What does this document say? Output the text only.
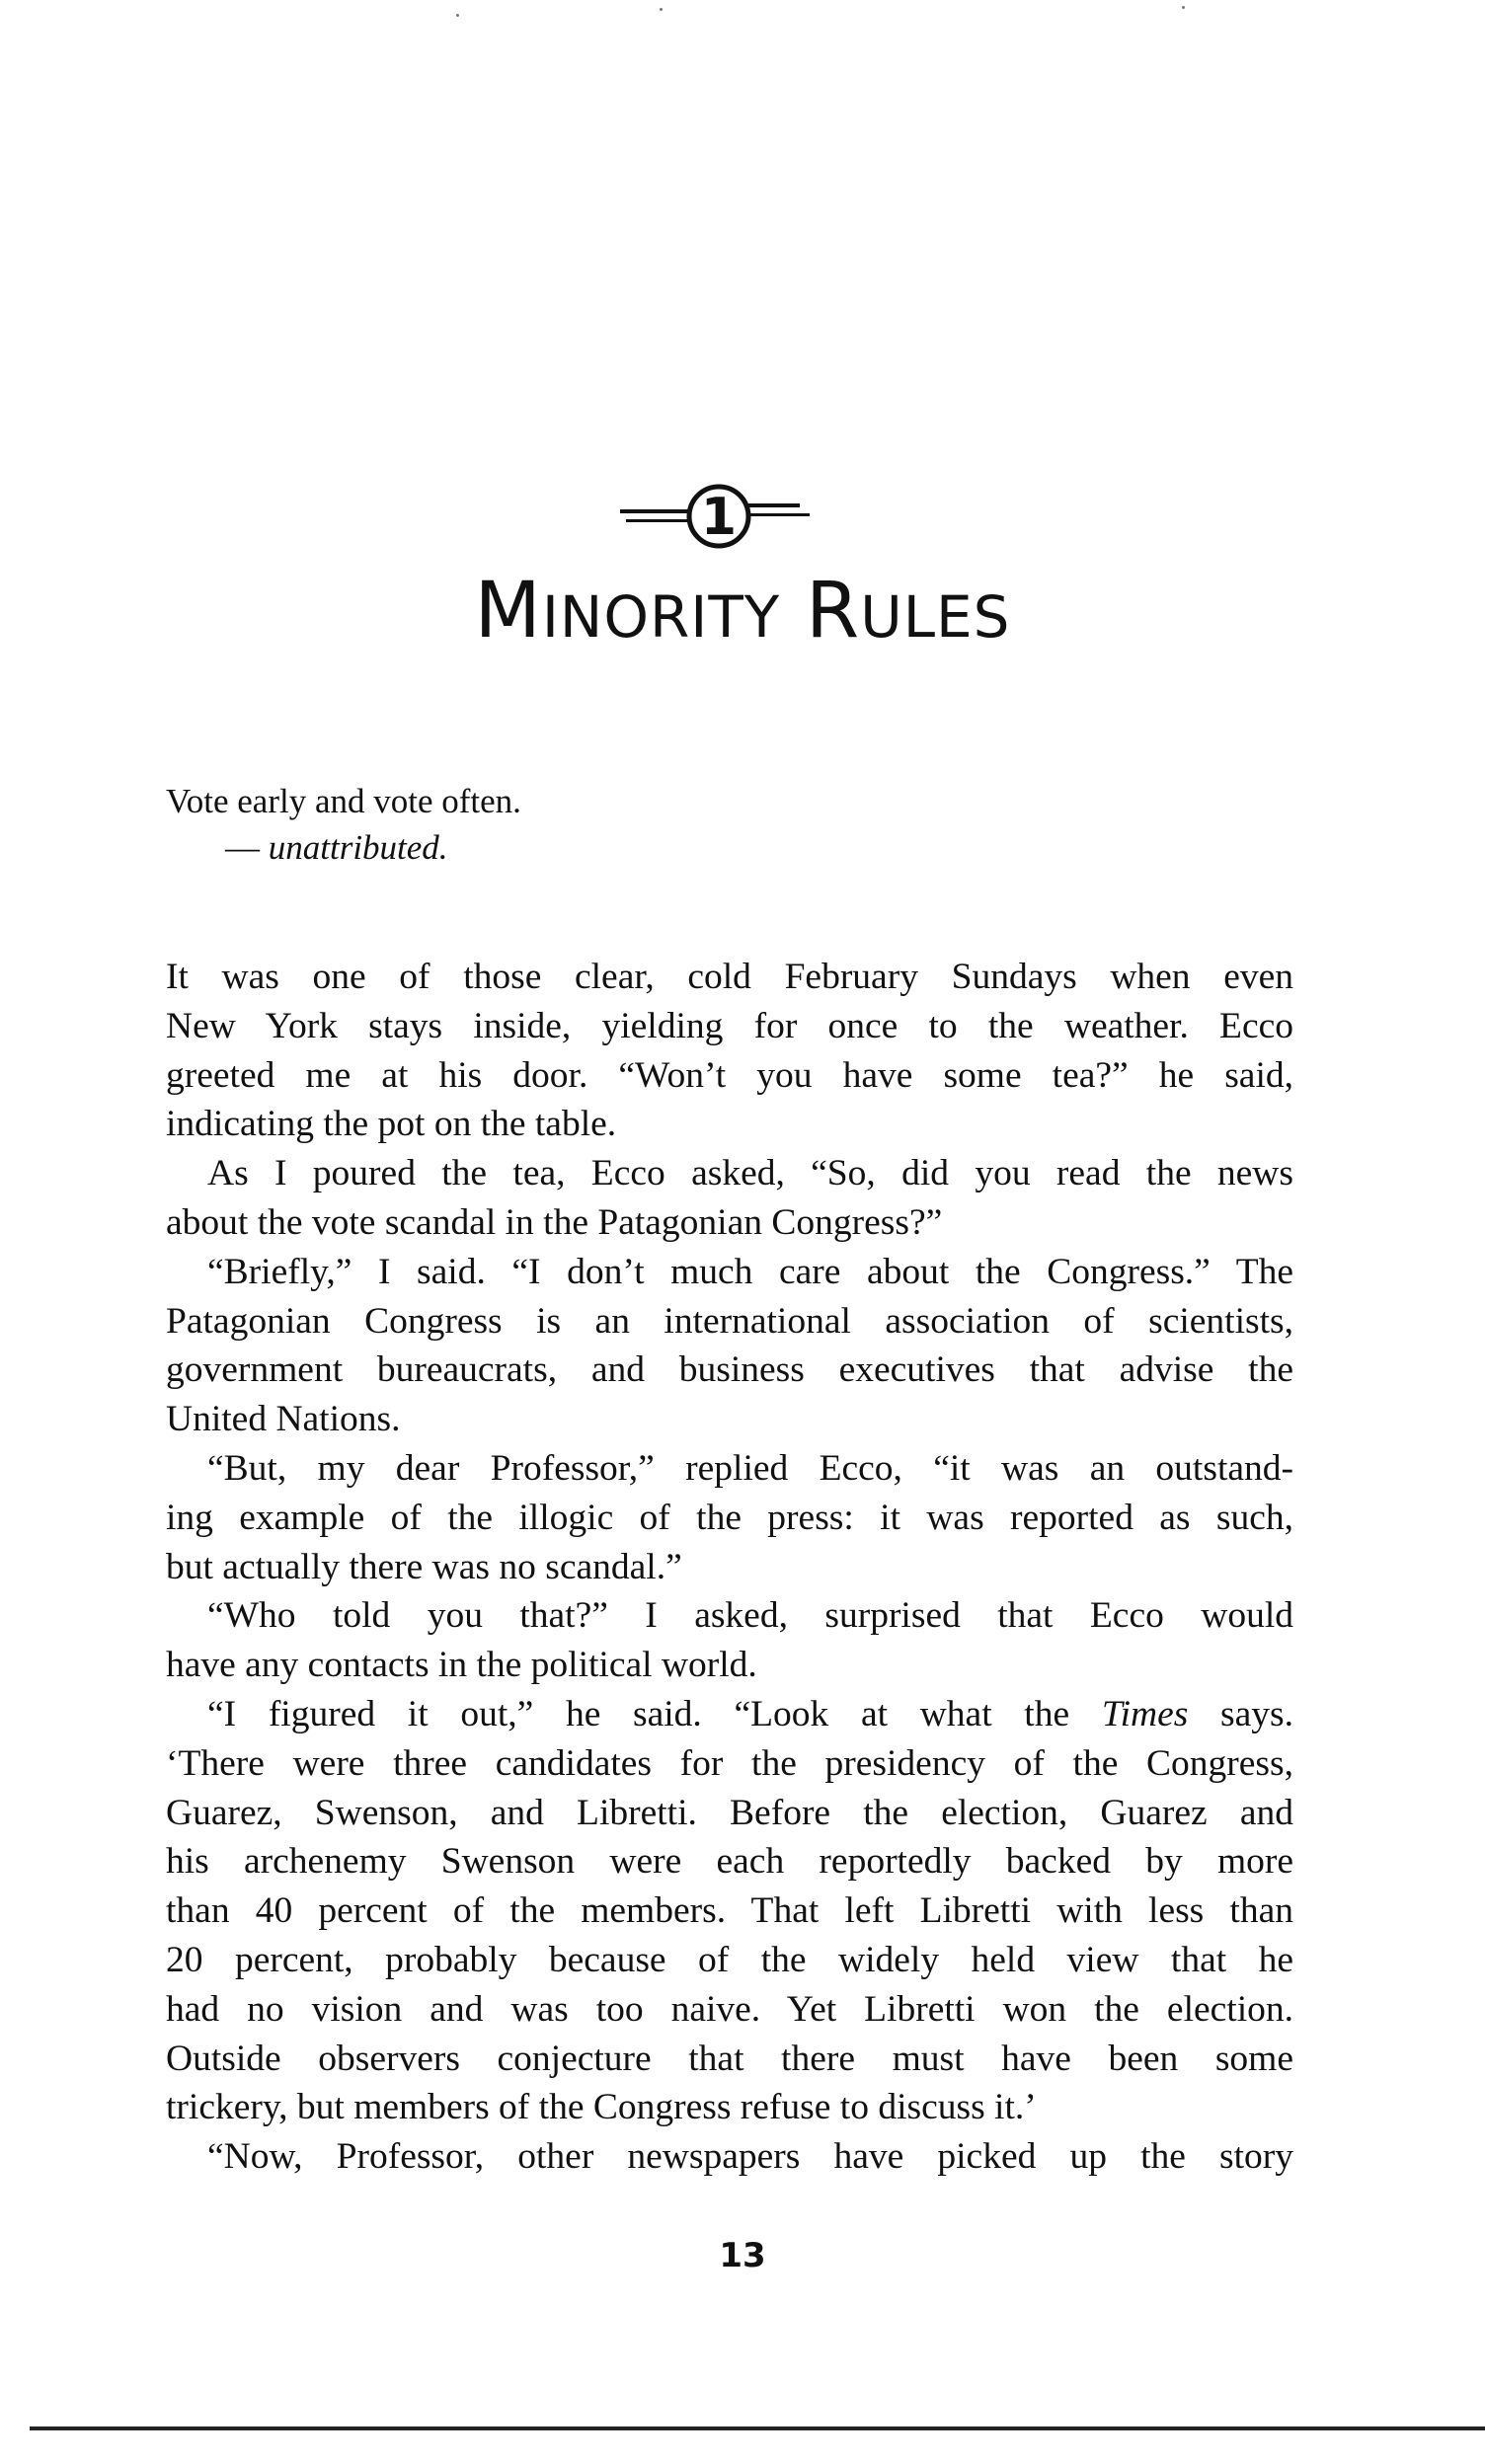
1
MINORITY RULES
Vote early and vote often.
— unattributed.
It was one of those clear, cold February Sundays when even
New York stays inside, yielding for once to the weather. Ecco
greeted me at his door. “Won’t you have some tea?” he said,
indicating the pot on the table.
As I poured the tea, Ecco asked, “So, did you read the news
about the vote scandal in the Patagonian Congress?”
“Briefly,” I said. “I don’t much care about the Congress.” The
Patagonian Congress is an international association of scientists,
government bureaucrats, and business executives that advise the
United Nations.
“But, my dear Professor,” replied Ecco, “it was an outstand-
ing example of the illogic of the press: it was reported as such,
but actually there was no scandal.”
“Who told you that?” I asked, surprised that Ecco would
have any contacts in the political world.
“I figured it out,” he said. “Look at what the Times says.
‘There were three candidates for the presidency of the Congress,
Guarez, Swenson, and Libretti. Before the election, Guarez and
his archenemy Swenson were each reportedly backed by more
than 40 percent of the members. That left Libretti with less than
20 percent, probably because of the widely held view that he
had no vision and was too naive. Yet Libretti won the election.
Outside observers conjecture that there must have been some
trickery, but members of the Congress refuse to discuss it.’
“Now, Professor, other newspapers have picked up the story
13
